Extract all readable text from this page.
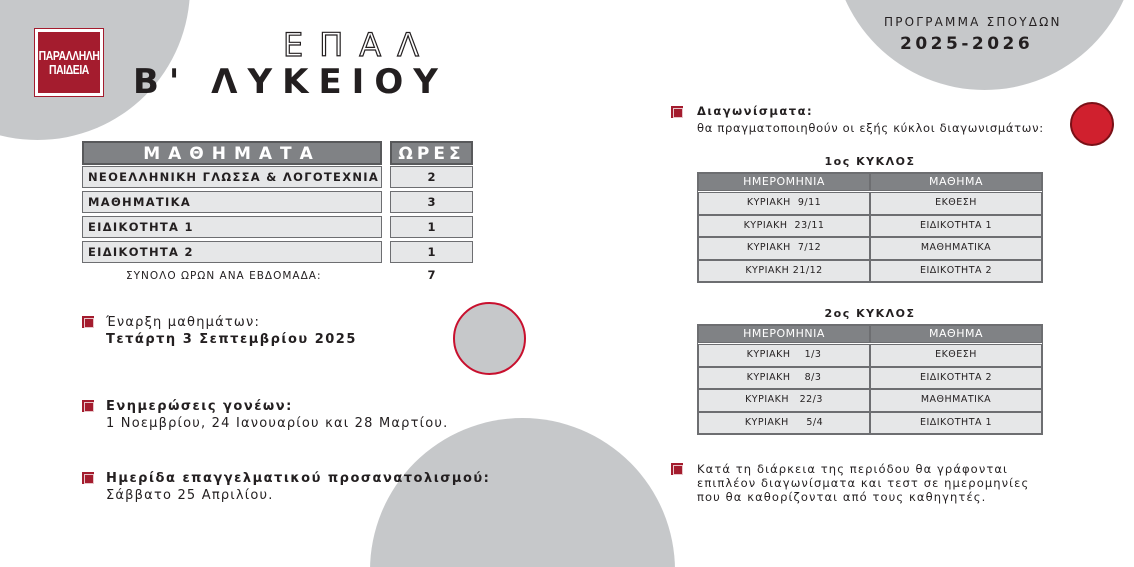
ΠΑΡΑΛΛΗΛΗ
ΠΑΙΔΕΙΑ
ΕΠΑΛ
Β' ΛΥΚΕΙΟΥ
ΠΡΟΓΡΑΜΜΑ ΣΠΟΥΔΩΝ
2025-2026
ΜΑΘΗΜΑΤΑ	ΩΡΕΣ
ΝΕΟΕΛΛΗΝΙΚΗ ΓΛΩΣΣΑ & ΛΟΓΟΤΕΧΝΙΑ	2
ΜΑΘΗΜΑΤΙΚΑ	3
ΕΙΔΙΚΟΤΗΤΑ 1	1
ΕΙΔΙΚΟΤΗΤΑ 2	1
ΣΥΝΟΛΟ ΩΡΩΝ ΑΝΑ ΕΒΔΟΜΑΔΑ:	7
Έναρξη μαθημάτων:
Τετάρτη 3 Σεπτεμβρίου 2025
Ενημερώσεις γονέων:
1 Νοεμβρίου, 24 Ιανουαρίου και 28 Μαρτίου.
Ημερίδα επαγγελματικού προσανατολισμού:
Σάββατο 25 Απριλίου.
Διαγωνίσματα:
θα πραγματοποιηθούν οι εξής κύκλοι διαγωνισμάτων:
1ος ΚΥΚΛΟΣ
ΗΜΕΡΟΜΗΝΙΑ	ΜΑΘΗΜΑ
ΚΥΡΙΑΚΗ  9/11	ΕΚΘΕΣΗ
ΚΥΡΙΑΚΗ  23/11	ΕΙΔΙΚΟΤΗΤΑ 1
ΚΥΡΙΑΚΗ  7/12	ΜΑΘΗΜΑΤΙΚΑ
ΚΥΡΙΑΚΗ 21/12	ΕΙΔΙΚΟΤΗΤΑ 2
2ος ΚΥΚΛΟΣ
ΗΜΕΡΟΜΗΝΙΑ	ΜΑΘΗΜΑ
ΚΥΡΙΑΚΗ    1/3	ΕΚΘΕΣΗ
ΚΥΡΙΑΚΗ    8/3	ΕΙΔΙΚΟΤΗΤΑ 2
ΚΥΡΙΑΚΗ   22/3	ΜΑΘΗΜΑΤΙΚΑ
ΚΥΡΙΑΚΗ     5/4	ΕΙΔΙΚΟΤΗΤΑ 1
Κατά τη διάρκεια της περιόδου θα γράφονται
επιπλέον διαγωνίσματα και τεστ σε ημερομηνίες
που θα καθορίζονται από τους καθηγητές.
